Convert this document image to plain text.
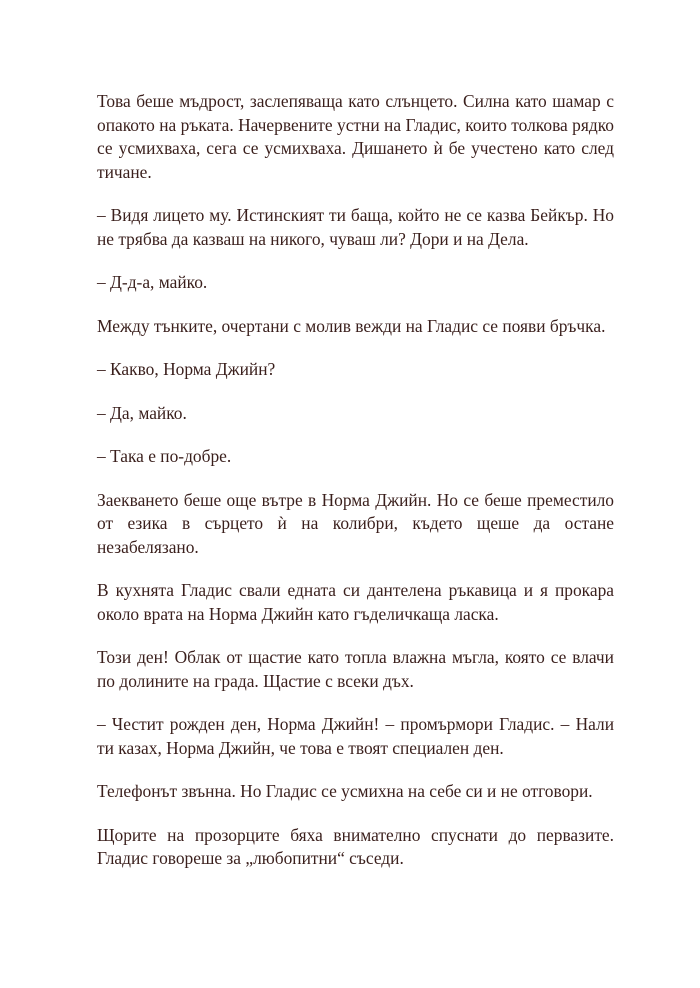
Това беше мъдрост, заслепяваща като слънцето. Силна като шамар с опакото на ръката. Начервените устни на Гладис, които толкова рядко се усмихваха, сега се усмихваха. Дишането ѝ бе учестено като след тичане.

– Видя лицето му. Истинският ти баща, който не се казва Бейкър. Но не трябва да казваш на никого, чуваш ли? Дори и на Дела.

– Д-д-а, майко.

Между тънките, очертани с молив вежди на Гладис се появи бръчка.

– Какво, Норма Джийн?

– Да, майко.

– Така е по-добре.

Заекването беше още вътре в Норма Джийн. Но се беше преместило от езика в сърцето ѝ на колибри, където щеше да остане незабелязано.

В кухнята Гладис свали едната си дантелена ръкавица и я прокара около врата на Норма Джийн като гъделичкаща ласка.

Този ден! Облак от щастие като топла влажна мъгла, която се влачи по долините на града. Щастие с всеки дъх.

– Честит рожден ден, Норма Джийн! – промърмори Гладис. – Нали ти казах, Норма Джийн, че това е твоят специален ден.

Телефонът звънна. Но Гладис се усмихна на себе си и не отговори.

Щорите на прозорците бяха внимателно спуснати до первазите. Гладис говореше за „любопитни“ съседи.
